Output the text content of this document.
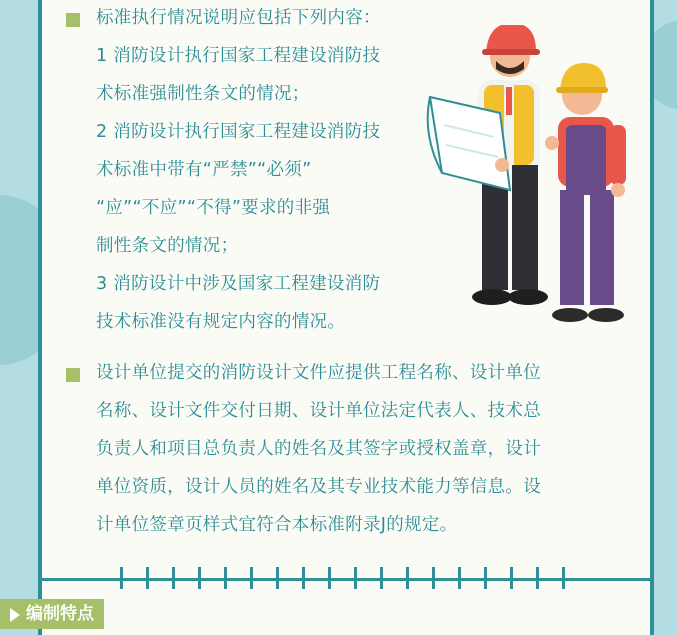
标准执行情况说明应包括下列内容：
1 消防设计执行国家工程建设消防技
术标准强制性条文的情况；
2 消防设计执行国家工程建设消防技
术标准中带有“严禁”“必须”
“应”“不应”“不得”要求的非强
制性条文的情况；
3 消防设计中涉及国家工程建设消防
技术标准没有规定内容的情况。
设计单位提交的消防设计文件应提供工程名称、设计单位
名称、设计文件交付日期、设计单位法定代表人、技术总
负责人和项目总负责人的姓名及其签字或授权盖章，设计
单位资质，设计人员的姓名及其专业技术能力等信息。设
计单位签章页样式宜符合本标准附录J的规定。
编制特点
